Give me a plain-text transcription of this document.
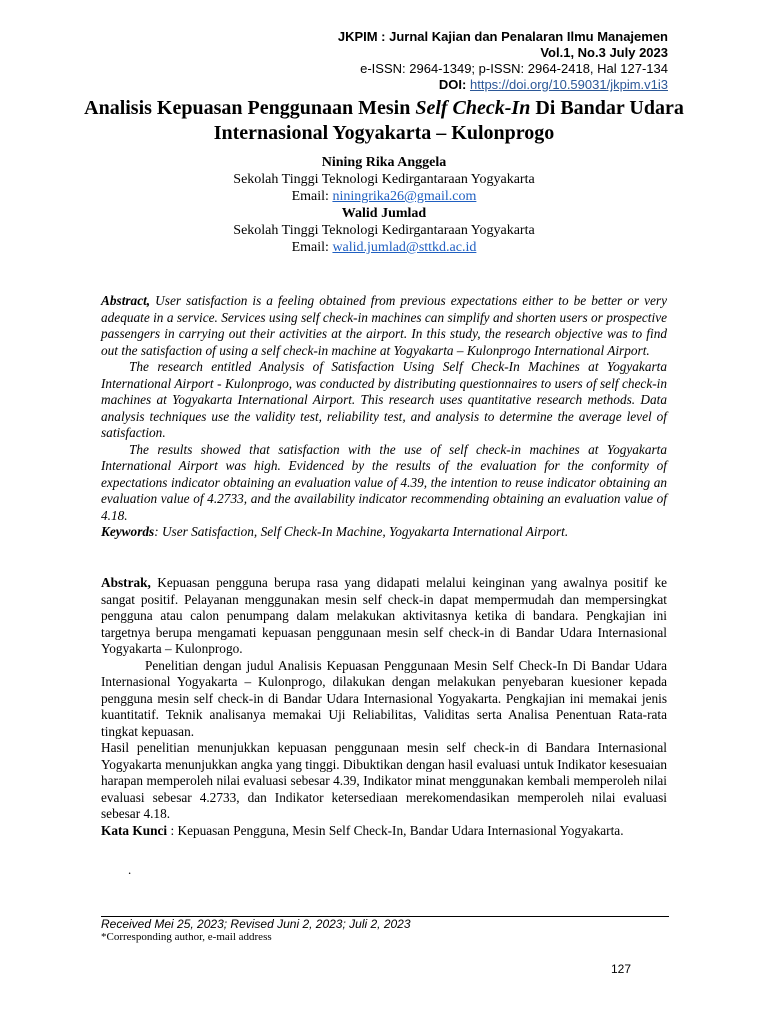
JKPIM : Jurnal Kajian dan Penalaran Ilmu Manajemen
Vol.1, No.3 July 2023
e-ISSN: 2964-1349; p-ISSN: 2964-2418, Hal 127-134
DOI: https://doi.org/10.59031/jkpim.v1i3
Analisis Kepuasan Penggunaan Mesin Self Check-In Di Bandar Udara Internasional Yogyakarta – Kulonprogo
Nining Rika Anggela
Sekolah Tinggi Teknologi Kedirgantaraan Yogyakarta
Email: niningrika26@gmail.com
Walid Jumlad
Sekolah Tinggi Teknologi Kedirgantaraan Yogyakarta
Email: walid.jumlad@sttkd.ac.id

Abstract, User satisfaction is a feeling obtained from previous expectations either to be better or very adequate in a service. Services using self check-in machines can simplify and shorten users or prospective passengers in carrying out their activities at the airport. In this study, the research objective was to find out the satisfaction of using a self check-in machine at Yogyakarta – Kulonprogo International Airport.

The research entitled Analysis of Satisfaction Using Self Check-In Machines at Yogyakarta International Airport - Kulonprogo, was conducted by distributing questionnaires to users of self check-in machines at Yogyakarta International Airport. This research uses quantitative research methods. Data analysis techniques use the validity test, reliability test, and analysis to determine the average level of satisfaction.

The results showed that satisfaction with the use of self check-in machines at Yogyakarta International Airport was high. Evidenced by the results of the evaluation for the conformity of expectations indicator obtaining an evaluation value of 4.39, the intention to reuse indicator obtaining an evaluation value of 4.2733, and the availability indicator recommending obtaining an evaluation value of 4.18.

Keywords: User Satisfaction, Self Check-In Machine, Yogyakarta International Airport.

Abstrak, Kepuasan pengguna berupa rasa yang didapati melalui keinginan yang awalnya positif ke sangat positif. Pelayanan menggunakan mesin self check-in dapat mempermudah dan mempersingkat pengguna atau calon penumpang dalam melakukan aktivitasnya ketika di bandara. Pengkajian ini targetnya berupa mengamati kepuasan penggunaan mesin self check-in di Bandar Udara Internasional Yogyakarta – Kulonprogo.

Penelitian dengan judul Analisis Kepuasan Penggunaan Mesin Self Check-In Di Bandar Udara Internasional Yogyakarta – Kulonprogo, dilakukan dengan melakukan penyebaran kuesioner kepada pengguna mesin self check-in di Bandar Udara Internasional Yogyakarta. Pengkajian ini memakai jenis kuantitatif. Teknik analisanya memakai Uji Reliabilitas, Validitas serta Analisa Penentuan Rata-rata tingkat kepuasan.

Hasil penelitian menunjukkan kepuasan penggunaan mesin self check-in di Bandara Internasional Yogyakarta menunjukkan angka yang tinggi. Dibuktikan dengan hasil evaluasi untuk Indikator kesesuaian harapan memperoleh nilai evaluasi sebesar 4.39, Indikator minat menggunakan kembali memperoleh nilai evaluasi sebesar 4.2733, dan Indikator ketersediaan merekomendasikan memperoleh nilai evaluasi sebesar 4.18.

Kata Kunci : Kepuasan Pengguna, Mesin Self Check-In, Bandar Udara Internasional Yogyakarta.

.
Received Mei 25, 2023; Revised Juni 2, 2023; Juli 2, 2023
*Corresponding author, e-mail address
127
